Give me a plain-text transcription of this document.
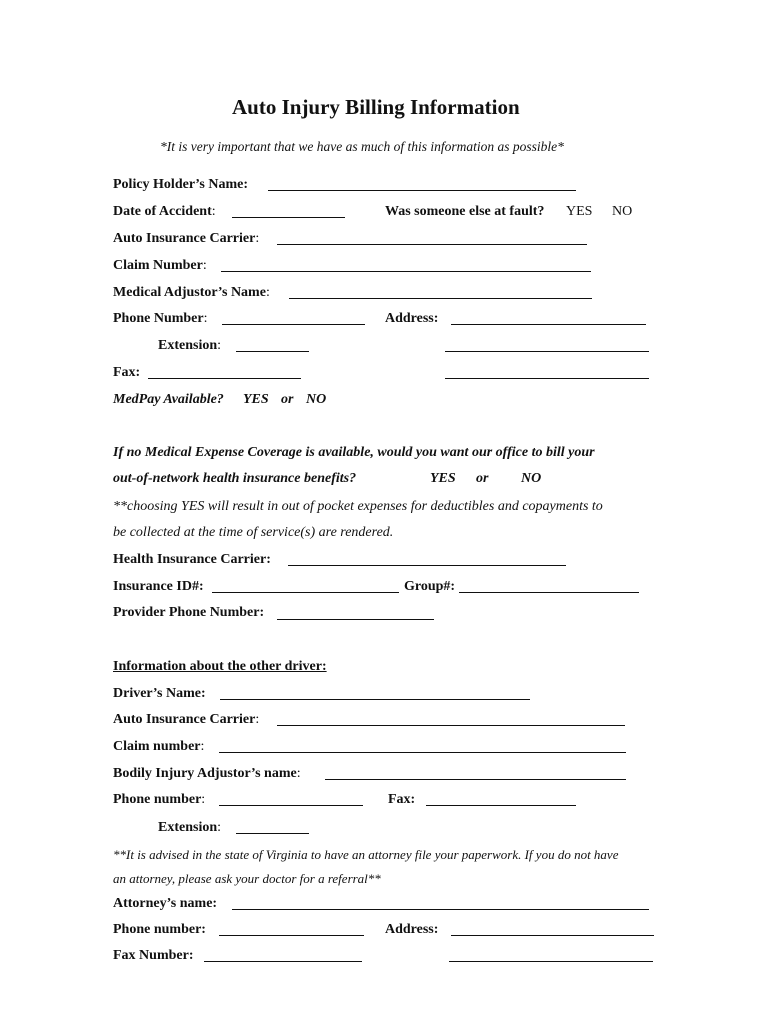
Auto Injury Billing Information
*It is very important that we have as much of this information as possible*
Policy Holder’s Name:
Date of Accident:	Was someone else at fault? YES NO
Auto Insurance Carrier:
Claim Number:
Medical Adjustor’s Name:
Phone Number:	Address:
Extension:
Fax:
MedPay Available? YES or NO
If no Medical Expense Coverage is available, would you want our office to bill your
out-of-network health insurance benefits?	YES or NO
**choosing YES will result in out of pocket expenses for deductibles and copayments to
be collected at the time of service(s) are rendered.
Health Insurance Carrier:
Insurance ID#:	Group#:
Provider Phone Number:
Information about the other driver:
Driver’s Name:
Auto Insurance Carrier:
Claim number:
Bodily Injury Adjustor’s name:
Phone number:	Fax:
Extension:
**It is advised in the state of Virginia to have an attorney file your paperwork. If you do not have
an attorney, please ask your doctor for a referral**
Attorney’s name:
Phone number:	Address:
Fax Number:
